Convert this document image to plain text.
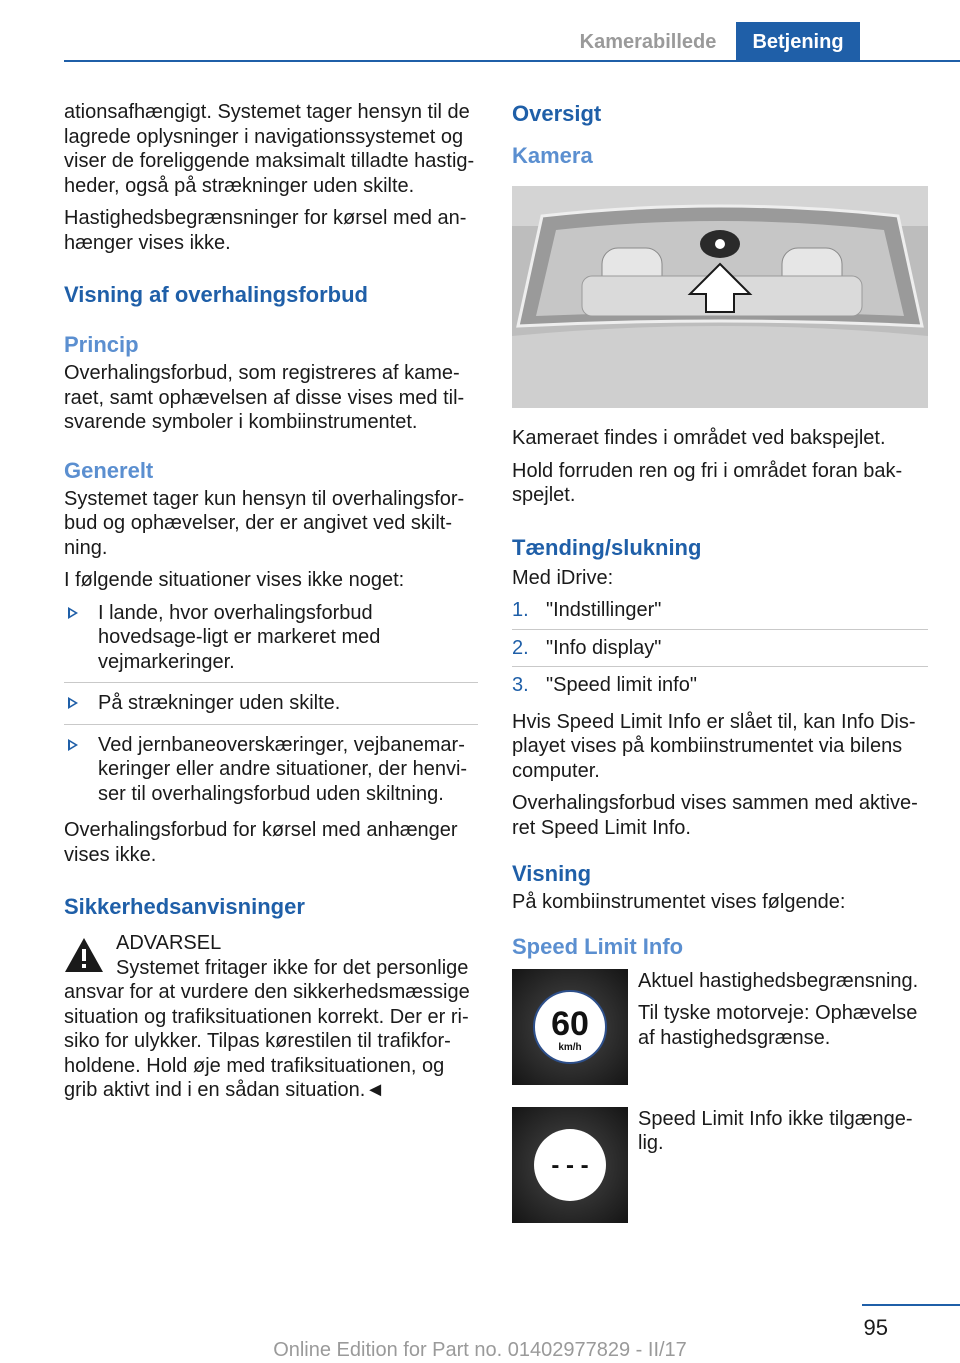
Kamerabillede	Betjening

ationsafhængigt. Systemet tager hensyn til de lagrede oplysninger i navigationssystemet og viser de foreliggende maksimalt tilladte hastig‐heder, også på strækninger uden skilte.

Hastighedsbegrænsninger for kørsel med an‐hænger vises ikke.

Visning af overhalingsforbud
Princip

Overhalingsforbud, som registreres af kame‐raet, samt ophævelsen af disse vises med til‐svarende symboler i kombiinstrumentet.

Generelt

Systemet tager kun hensyn til overhalingsfor‐bud og ophævelser, der er angivet ved skilt‐ning.

I følgende situationer vises ikke noget:

I lande, hvor overhalingsforbud hovedsage‐ligt er markeret med vejmarkeringer.
På strækninger uden skilte.
Ved jernbaneoverskæringer, vejbanemar‐keringer eller andre situationer, der henvi‐ser til overhalingsforbud uden skiltning.

Overhalingsforbud for kørsel med anhænger vises ikke.

Sikkerhedsanvisninger
ADVARSEL
Systemet fritager ikke for det personlige
ansvar for at vurdere den sikkerhedsmæssige situation og trafiksituationen korrekt. Der er ri‐siko for ulykker. Tilpas kørestilen til trafikfor‐holdene. Hold øje med trafiksituationen, og grib aktivt ind i en sådan situation.◄
Oversigt
Kamera

Kameraet findes i området ved bakspejlet.

Hold forruden ren og fri i området foran bak‐spejlet.

Tænding/slukning

Med iDrive:

1. "Indstillinger"
2. "Info display"
3. "Speed limit info"

Hvis Speed Limit Info er slået til, kan Info Dis‐playet vises på kombiinstrumentet via bilens computer.

Overhalingsforbud vises sammen med aktive‐ret Speed Limit Info.

Visning

På kombiinstrumentet vises følgende:

Speed Limit Info
60
km/h

Aktuel hastighedsbegrænsning.

Til tyske motorveje: Ophævelse af hastighedsgrænse.

- - -

Speed Limit Info ikke tilgænge‐lig.

95
Online Edition for Part no. 01402977829 - II/17
